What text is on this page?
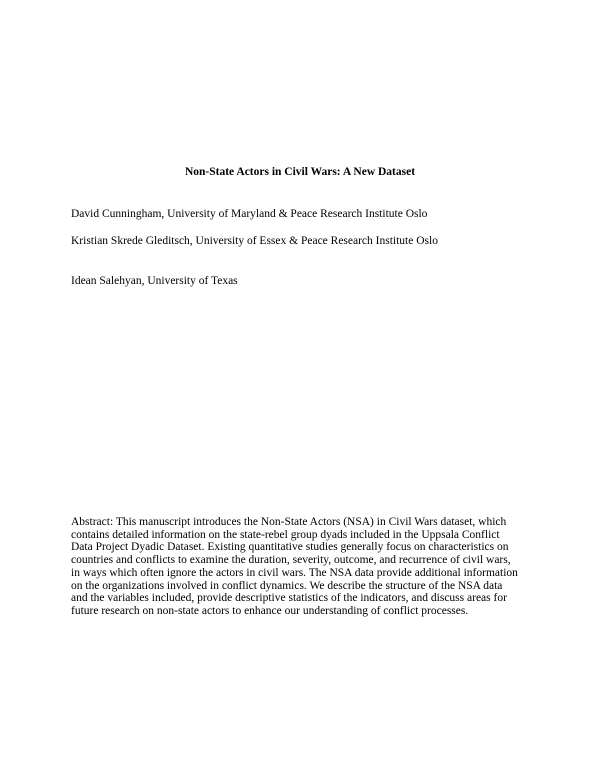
Non-State Actors in Civil Wars: A New Dataset
David Cunningham, University of Maryland & Peace Research Institute Oslo
Kristian Skrede Gleditsch, University of Essex & Peace Research Institute Oslo
Idean Salehyan, University of Texas
Abstract: This manuscript introduces the Non-State Actors (NSA) in Civil Wars dataset, which
contains detailed information on the state-rebel group dyads included in the Uppsala Conflict
Data Project Dyadic Dataset. Existing quantitative studies generally focus on characteristics on
countries and conflicts to examine the duration, severity, outcome, and recurrence of civil wars,
in ways which often ignore the actors in civil wars. The NSA data provide additional information
on the organizations involved in conflict dynamics. We describe the structure of the NSA data
and the variables included, provide descriptive statistics of the indicators, and discuss areas for
future research on non-state actors to enhance our understanding of conflict processes.
